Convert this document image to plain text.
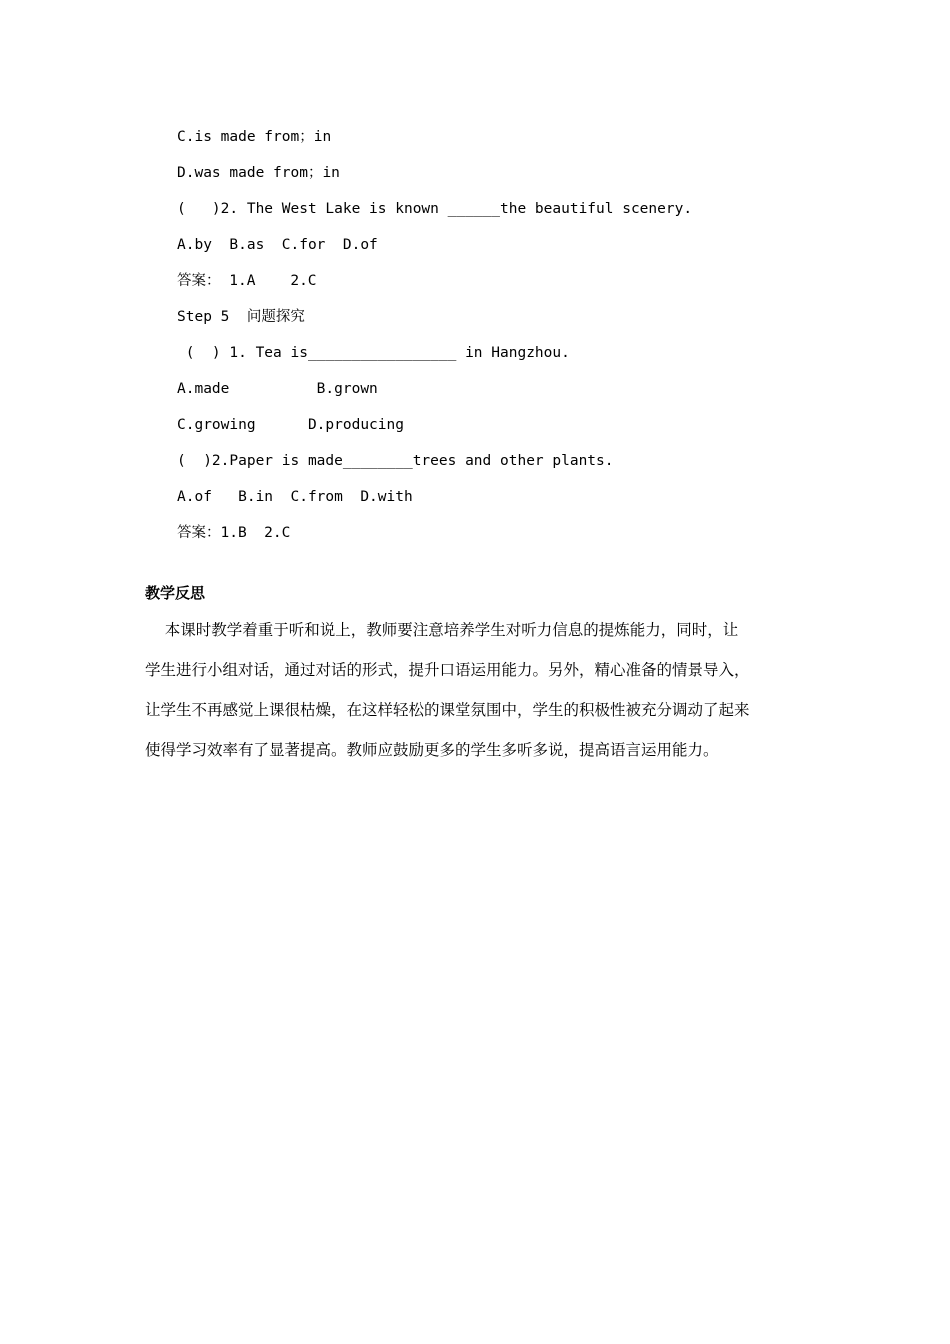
C.is made from；in
D.was made from；in
(   )2. The West Lake is known ______the beautiful scenery.
A.by  B.as  C.for  D.of
答案： 1.A    2.C
Step 5  问题探究
(  ) 1. Tea is_________________ in Hangzhou.
A.made          B.grown
C.growing      D.producing
(  )2.Paper is made________trees and other plants.
A.of   B.in  C.from  D.with
答案：1.B  2.C
教学反思
本课时教学着重于听和说上，教师要注意培养学生对听力信息的提炼能力，同时，让
学生进行小组对话，通过对话的形式，提升口语运用能力。另外，精心准备的情景导入，
让学生不再感觉上课很枯燥，在这样轻松的课堂氛围中，学生的积极性被充分调动了起来
使得学习效率有了显著提高。教师应鼓励更多的学生多听多说，提高语言运用能力。
